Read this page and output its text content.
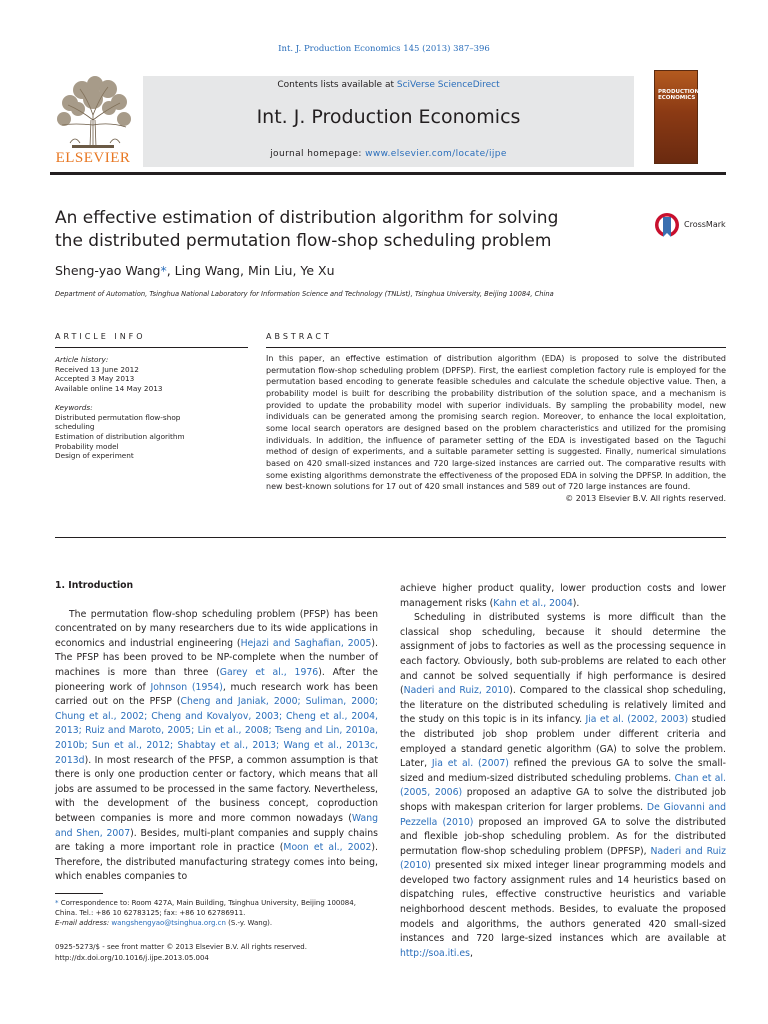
Int. J. Production Economics 145 (2013) 387–396
ELSEVIER
Contents lists available at SciVerse ScienceDirect
Int. J. Production Economics
journal homepage: www.elsevier.com/locate/ijpe
PRODUCTION
ECONOMICS
An effective estimation of distribution algorithm for solving
the distributed permutation flow-shop scheduling problem
CrossMark
Sheng-yao Wang*, Ling Wang, Min Liu, Ye Xu
Department of Automation, Tsinghua National Laboratory for Information Science and Technology (TNList), Tsinghua University, Beijing 10084, China
ARTICLE INFO	ABSTRACT
Article history:
Received 13 June 2012
Accepted 3 May 2013
Available online 14 May 2013
Keywords:
Distributed permutation flow-shop
scheduling
Estimation of distribution algorithm
Probability model
Design of experiment
In this paper, an effective estimation of distribution algorithm (EDA) is proposed to solve the distributed permutation flow-shop scheduling problem (DPFSP). First, the earliest completion factory rule is employed for the permutation based encoding to generate feasible schedules and calculate the schedule objective value. Then, a probability model is built for describing the probability distribution of the solution space, and a mechanism is provided to update the probability model with superior individuals. By sampling the probability model, new individuals can be generated among the promising search region. Moreover, to enhance the local exploitation, some local search operators are designed based on the problem characteristics and utilized for the promising individuals. In addition, the influence of parameter setting of the EDA is investigated based on the Taguchi method of design of experiments, and a suitable parameter setting is suggested. Finally, numerical simulations based on 420 small-sized instances and 720 large-sized instances are carried out. The comparative results with some existing algorithms demonstrate the effectiveness of the proposed EDA in solving the DPFSP. In addition, the new best-known solutions for 17 out of 420 small instances and 589 out of 720 large instances are found.
© 2013 Elsevier B.V. All rights reserved.
1. Introduction

The permutation flow-shop scheduling problem (PFSP) has been concentrated on by many researchers due to its wide applications in economics and industrial engineering (Hejazi and Saghafian, 2005). The PFSP has been proved to be NP-complete when the number of machines is more than three (Garey et al., 1976). After the pioneering work of Johnson (1954), much research work has been carried out on the PFSP (Cheng and Janiak, 2000; Suliman, 2000; Chung et al., 2002; Cheng and Kovalyov, 2003; Cheng et al., 2004, 2013; Ruiz and Maroto, 2005; Lin et al., 2008; Tseng and Lin, 2010a, 2010b; Sun et al., 2012; Shabtay et al., 2013; Wang et al., 2013c, 2013d). In most research of the PFSP, a common assumption is that there is only one production center or factory, which means that all jobs are assumed to be processed in the same factory. Nevertheless, with the development of the business concept, coproduction between companies is more and more common nowadays (Wang and Shen, 2007). Besides, multi-plant companies and supply chains are taking a more important role in practice (Moon et al., 2002). Therefore, the distributed manufacturing strategy comes into being, which enables companies to

achieve higher product quality, lower production costs and lower management risks (Kahn et al., 2004).

Scheduling in distributed systems is more difficult than the classical shop scheduling, because it should determine the assignment of jobs to factories as well as the processing sequence in each factory. Obviously, both sub-problems are related to each other and cannot be solved sequentially if high performance is desired (Naderi and Ruiz, 2010). Compared to the classical shop scheduling, the literature on the distributed scheduling is relatively limited and the study on this topic is in its infancy. Jia et al. (2002, 2003) studied the distributed job shop problem under different criteria and employed a standard genetic algorithm (GA) to solve the problem. Later, Jia et al. (2007) refined the previous GA to solve the small-sized and medium-sized distributed scheduling problems. Chan et al. (2005, 2006) proposed an adaptive GA to solve the distributed job shops with makespan criterion for larger problems. De Giovanni and Pezzella (2010) proposed an improved GA to solve the distributed and flexible job-shop scheduling problem. As for the distributed permutation flow-shop scheduling problem (DPFSP), Naderi and Ruiz (2010) presented six mixed integer linear programming models and developed two factory assignment rules and 14 heuristics based on dispatching rules, effective constructive heuristics and variable neighborhood descent methods. Besides, to evaluate the proposed models and algorithms, the authors generated 420 small-sized instances and 720 large-sized instances which are available at http://soa.iti.es,

* Correspondence to: Room 427A, Main Building, Tsinghua University, Beijing 100084, China. Tel.: +86 10 62783125; fax: +86 10 62786911.
E-mail address: wangshengyao@tsinghua.org.cn (S.-y. Wang).
0925-5273/$ - see front matter © 2013 Elsevier B.V. All rights reserved.
http://dx.doi.org/10.1016/j.ijpe.2013.05.004
